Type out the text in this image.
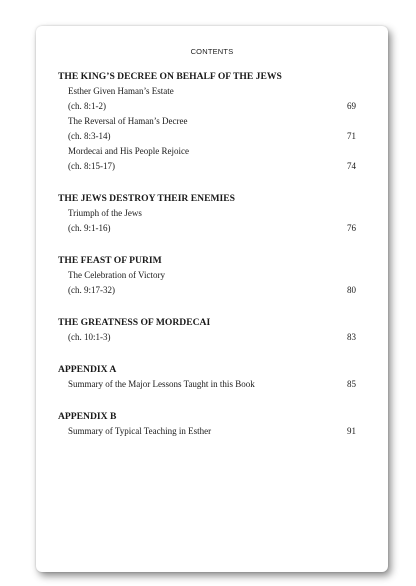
CONTENTS
THE KING’S DECREE ON BEHALF OF THE JEWS
Esther Given Haman’s Estate
(ch. 8:1-2)	69
The Reversal of Haman’s Decree
(ch. 8:3-14)	71
Mordecai and His People Rejoice
(ch. 8:15-17)	74
THE JEWS DESTROY THEIR ENEMIES
Triumph of the Jews
(ch. 9:1-16)	76
THE FEAST OF PURIM
The Celebration of Victory
(ch. 9:17-32)	80
THE GREATNESS OF MORDECAI
(ch. 10:1-3)	83
APPENDIX A
Summary of the Major Lessons Taught in this Book	85
APPENDIX B
Summary of Typical Teaching in Esther	91
